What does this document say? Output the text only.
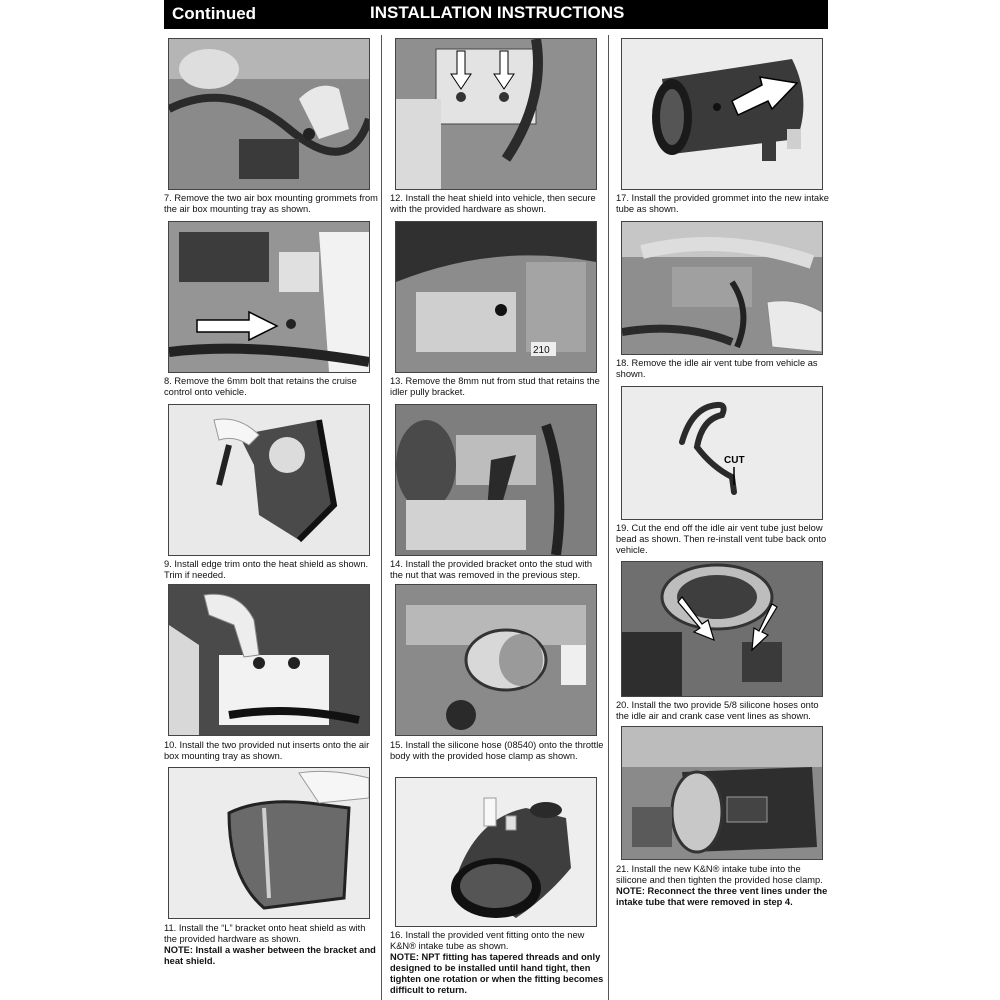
Continued	INSTALLATION INSTRUCTIONS
7. Remove the two air box mounting grommets from the air box mounting tray as shown.
8. Remove the 6mm bolt that retains the cruise control onto vehicle.
9. Install edge trim onto the heat shield as shown. Trim if needed.
10. Install the two provided nut inserts onto the air box mounting tray as shown.
11. Install the “L” bracket onto heat shield as with the provided hardware as shown.
NOTE: Install a washer between the bracket and heat shield.
12. Install the heat shield into vehicle, then secure with the provided hardware as shown.
210
13. Remove the 8mm nut from stud that retains the idler pully bracket.
14. Install the provided bracket onto the stud with the nut that was removed in the previous step.
15. Install the silicone hose (08540) onto the throttle body with the provided hose clamp as shown.
16. Install the provided vent fitting onto the new K&N® intake tube as shown.
NOTE: NPT fitting has tapered threads and only designed to be installed until hand tight, then tighten one rotation or when the fitting becomes difficult to return.
17. Install the provided grommet into the new intake tube as shown.
18. Remove the idle air vent tube from vehicle as shown.
CUT
19. Cut the end off the idle air vent tube just below bead as shown. Then re-install vent tube back onto vehicle.
20. Install the two provide 5/8 silicone hoses onto the idle air and crank case vent lines as shown.
21. Install the new K&N® intake tube into the silicone and then tighten the provided hose clamp.
NOTE: Reconnect the three vent lines under the intake tube that were removed in step 4.
